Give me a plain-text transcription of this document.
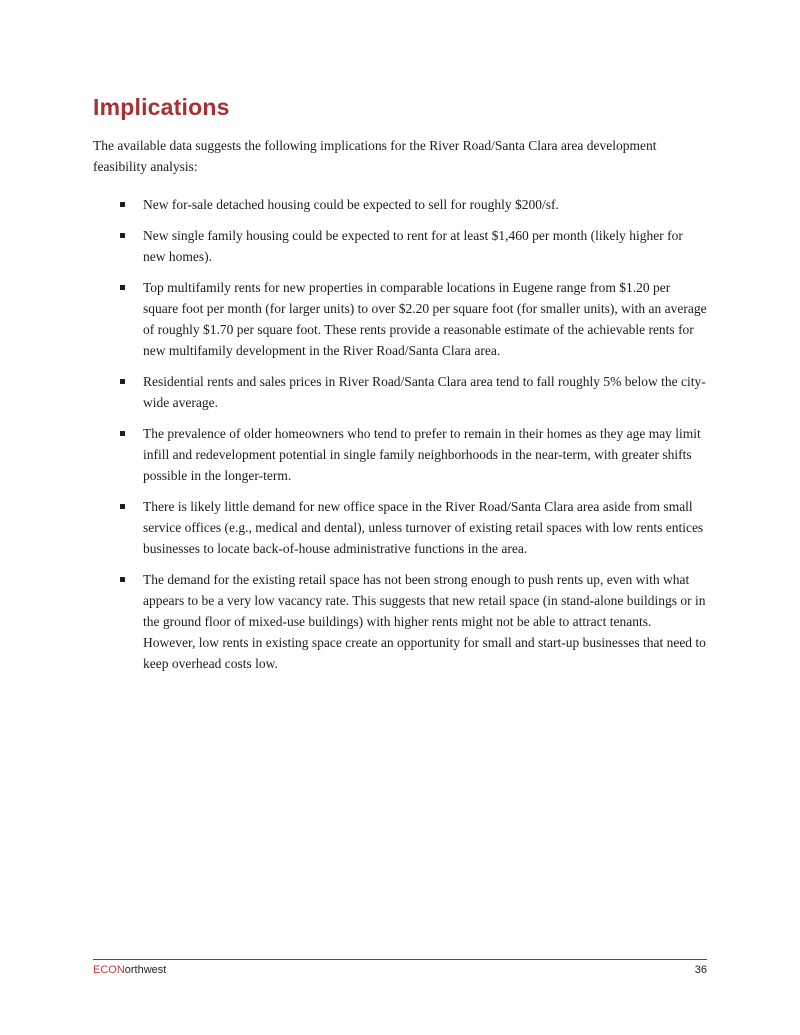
Implications

The available data suggests the following implications for the River Road/Santa Clara area development feasibility analysis:

New for-sale detached housing could be expected to sell for roughly $200/sf.
New single family housing could be expected to rent for at least $1,460 per month (likely higher for new homes).
Top multifamily rents for new properties in comparable locations in Eugene range from $1.20 per square foot per month (for larger units) to over $2.20 per square foot (for smaller units), with an average of roughly $1.70 per square foot. These rents provide a reasonable estimate of the achievable rents for new multifamily development in the River Road/Santa Clara area.
Residential rents and sales prices in River Road/Santa Clara area tend to fall roughly 5% below the city-wide average.
The prevalence of older homeowners who tend to prefer to remain in their homes as they age may limit infill and redevelopment potential in single family neighborhoods in the near-term, with greater shifts possible in the longer-term.
There is likely little demand for new office space in the River Road/Santa Clara area aside from small service offices (e.g., medical and dental), unless turnover of existing retail spaces with low rents entices businesses to locate back-of-house administrative functions in the area.
The demand for the existing retail space has not been strong enough to push rents up, even with what appears to be a very low vacancy rate. This suggests that new retail space (in stand-alone buildings or in the ground floor of mixed-use buildings) with higher rents might not be able to attract tenants. However, low rents in existing space create an opportunity for small and start-up businesses that need to keep overhead costs low.
ECONorthwest	36
